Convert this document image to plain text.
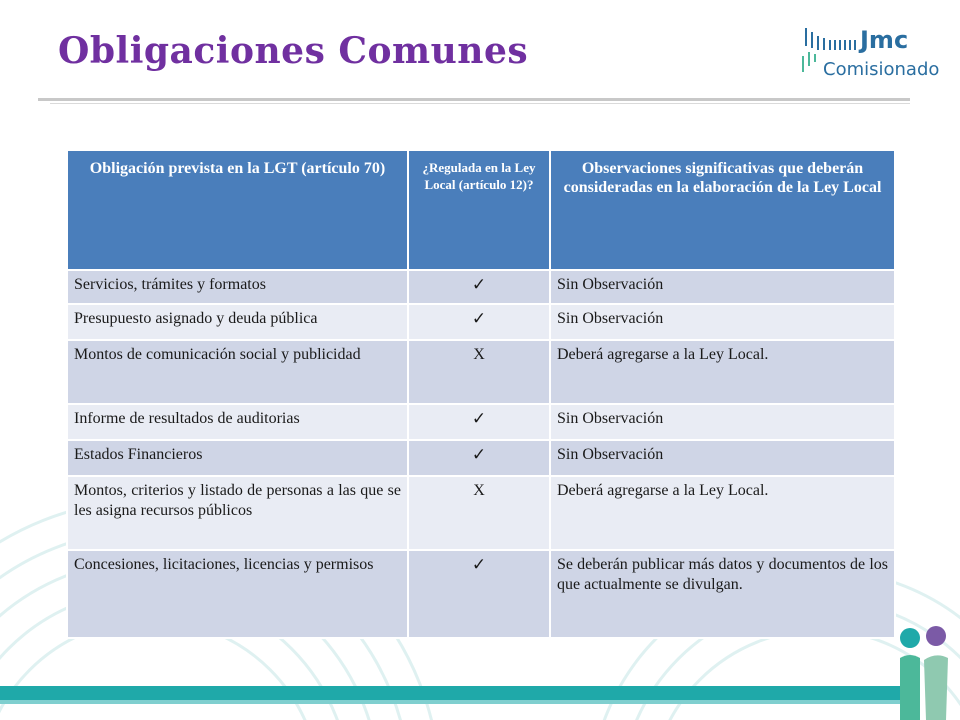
Obligaciones Comunes	Jmc
Comisionado
Obligación prevista en la LGT (artículo 70)	¿Regulada en la Ley Local (artículo 12)?	Observaciones significativas que deberán consideradas en la elaboración de la Ley Local
Servicios, trámites y formatos	✓	Sin Observación
Presupuesto asignado y deuda pública	✓	Sin Observación
Montos de comunicación social y publicidad	X	Deberá agregarse a la Ley Local.
Informe de resultados de auditorias	✓	Sin Observación
Estados Financieros	✓	Sin Observación
Montos, criterios y listado de personas a las que se les asigna recursos públicos	X	Deberá agregarse a la Ley Local.
Concesiones, licitaciones, licencias y permisos	✓	Se deberán publicar más datos y documentos de los que actualmente se divulgan.
